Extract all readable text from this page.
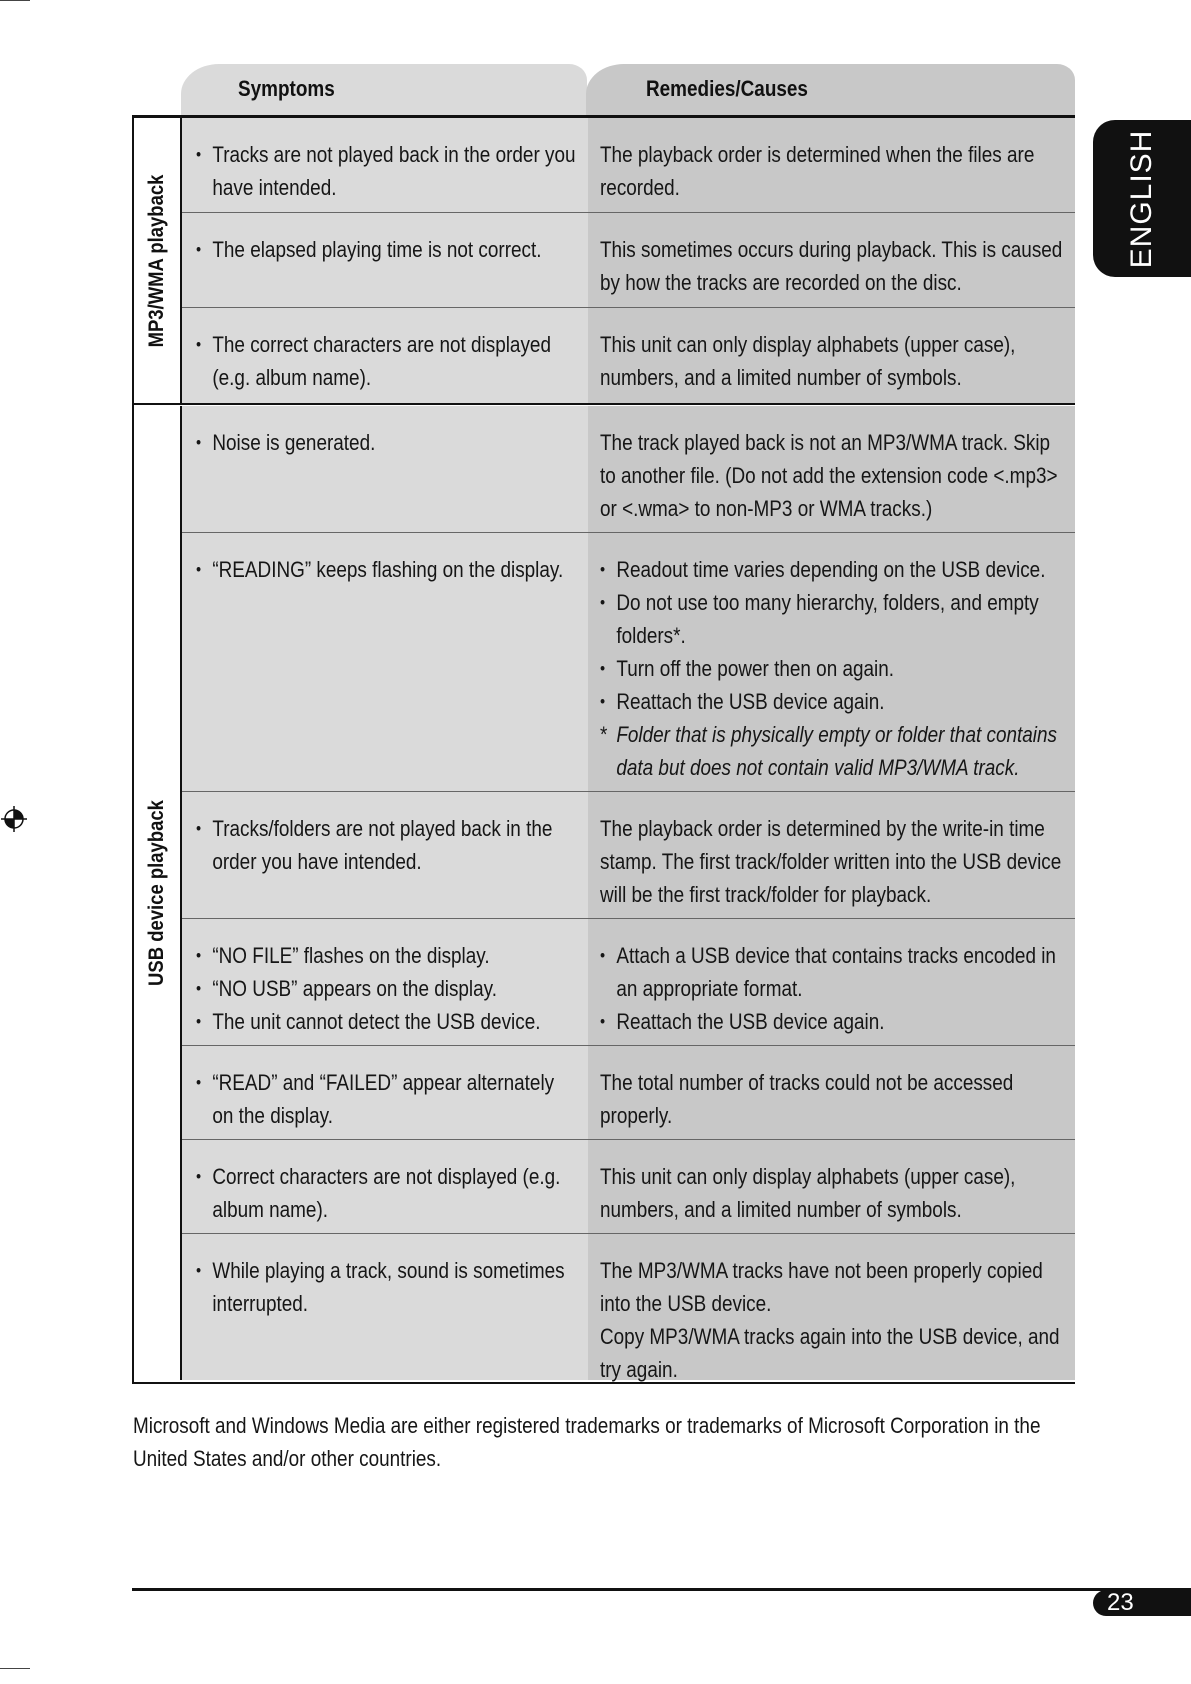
Symptoms	Remedies/Causes
MP3/WMA playback
• Tracks are not played back in the order you have intended.
The playback order is determined when the files are recorded.
• The elapsed playing time is not correct.	This sometimes occurs during playback. This is caused by how the tracks are recorded on the disc.
• The correct characters are not displayed (e.g. album name).
This unit can only display alphabets (upper case), numbers, and a limited number of symbols.
USB device playback
• Noise is generated.	The track played back is not an MP3/WMA track. Skip to another file. (Do not add the extension code <.mp3> or <.wma> to non-MP3 or WMA tracks.)
• “READING” keeps flashing on the display.
•	Readout time varies depending on the USB device.
• Do not use too many hierarchy, folders, and empty folders*.
• Turn off the power then on again.
• Reattach the USB device again.
* Folder that is physically empty or folder that contains data but does not contain valid MP3/WMA track.
• Tracks/folders are not played back in the order you have intended.
The playback order is determined by the write-in time stamp. The first track/folder written into the USB device will be the first track/folder for playback.
• “NO FILE” flashes on the display.
• “NO USB” appears on the display.
• The unit cannot detect the USB device.
• Attach a USB device that contains tracks encoded in an appropriate format.
• Reattach the USB device again.
• “READ” and “FAILED” appear alternately on the display.
The total number of tracks could not be accessed properly.
• Correct characters are not displayed (e.g. album name).
This unit can only display alphabets (upper case), numbers, and a limited number of symbols.
• While playing a track, sound is sometimes interrupted.
The MP3/WMA tracks have not been properly copied into the USB device.
Copy MP3/WMA tracks again into the USB device, and try again.
Microsoft and Windows Media are either registered trademarks or trademarks of Microsoft Corporation in the United States and/or other countries.
ENGLISH
23
